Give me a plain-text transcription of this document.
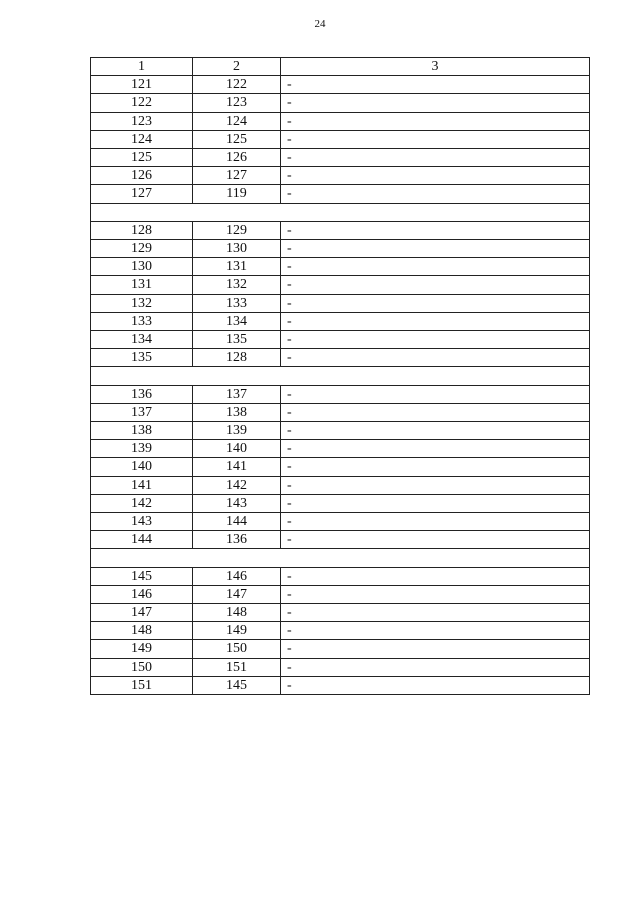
24
1	2	3
121	122	-
122	123	-
123	124	-
124	125	-
125	126	-
126	127	-
127	119	-

128	129	-
129	130	-
130	131	-
131	132	-
132	133	-
133	134	-
134	135	-
135	128	-

136	137	-
137	138	-
138	139	-
139	140	-
140	141	-
141	142	-
142	143	-
143	144	-
144	136	-

145	146	-
146	147	-
147	148	-
148	149	-
149	150	-
150	151	-
151	145	-
